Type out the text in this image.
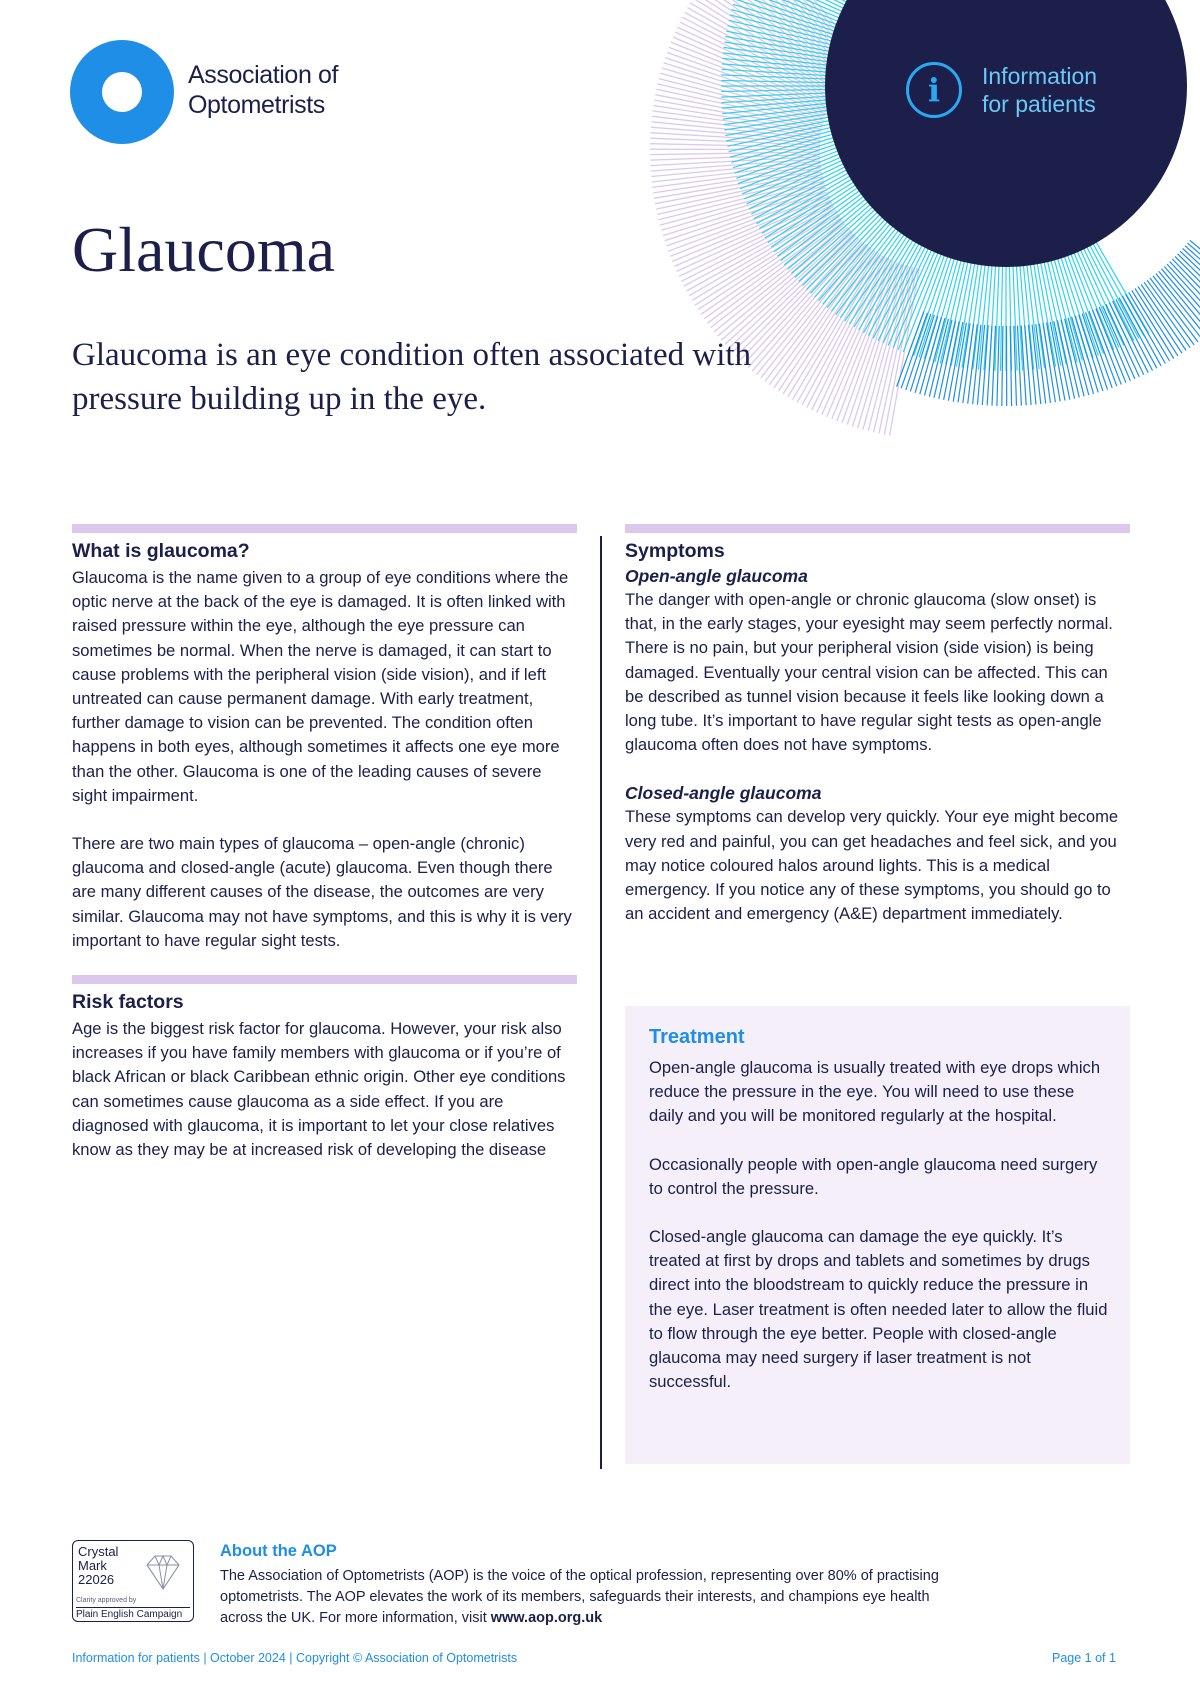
Association of
Optometrists	i	Information
for patients
Glaucoma

Glaucoma is an eye condition often associated with pressure building up in the eye.

What is glaucoma?

Glaucoma is the name given to a group of eye conditions where the optic nerve at the back of the eye is damaged. It is often linked with raised pressure within the eye, although the eye pressure can sometimes be normal. When the nerve is damaged, it can start to cause problems with the peripheral vision (side vision), and if left untreated can cause permanent damage. With early treatment, further damage to vision can be prevented. The condition often happens in both eyes, although sometimes it affects one eye more than the other. Glaucoma is one of the leading causes of severe sight impairment.

There are two main types of glaucoma – open-angle (chronic) glaucoma and closed-angle (acute) glaucoma. Even though there are many different causes of the disease, the outcomes are very similar. Glaucoma may not have symptoms, and this is why it is very important to have regular sight tests.

Risk factors

Age is the biggest risk factor for glaucoma. However, your risk also increases if you have family members with glaucoma or if you’re of black African or black Caribbean ethnic origin. Other eye conditions can sometimes cause glaucoma as a side effect. If you are diagnosed with glaucoma, it is important to let your close relatives know as they may be at increased risk of developing the disease

Symptoms
Open-angle glaucoma

The danger with open-angle or chronic glaucoma (slow onset) is that, in the early stages, your eyesight may seem perfectly normal. There is no pain, but your peripheral vision (side vision) is being damaged. Eventually your central vision can be affected. This can be described as tunnel vision because it feels like looking down a long tube. It’s important to have regular sight tests as open-angle glaucoma often does not have symptoms.

Closed-angle glaucoma

These symptoms can develop very quickly. Your eye might become very red and painful, you can get headaches and feel sick, and you may notice coloured halos around lights. This is a medical emergency. If you notice any of these symptoms, you should go to an accident and emergency (A&E) department immediately.

Treatment

Open-angle glaucoma is usually treated with eye drops which reduce the pressure in the eye. You will need to use these daily and you will be monitored regularly at the hospital.

Occasionally people with open-angle glaucoma need surgery to control the pressure.

Closed-angle glaucoma can damage the eye quickly. It’s treated at first by drops and tablets and sometimes by drugs direct into the bloodstream to quickly reduce the pressure in the eye. Laser treatment is often needed later to allow the fluid to flow through the eye better. People with closed-angle glaucoma may need surgery if laser treatment is not successful.

Crystal
Mark
22026
Clarity approved by
Plain English Campaign
About the AOP

The Association of Optometrists (AOP) is the voice of the optical profession, representing over 80% of practising optometrists. The AOP elevates the work of its members, safeguards their interests, and champions eye health across the UK. For more information, visit www.aop.org.uk

Information for patients | October 2024 | Copyright © Association of Optometrists	Page 1 of 1
